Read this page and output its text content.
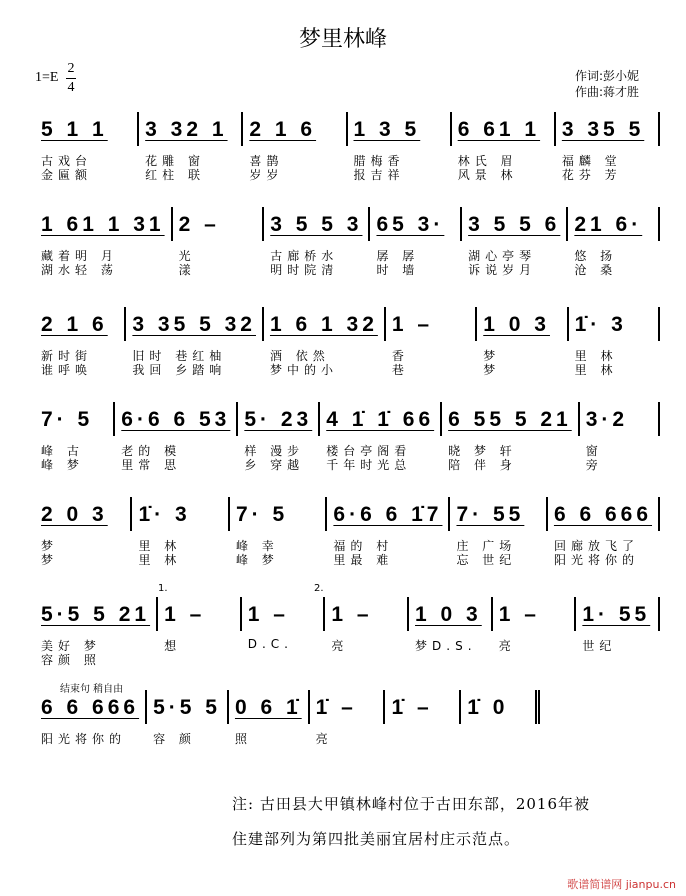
梦里林峰
1=E
2
4
作词:彭小妮
作曲:蒋才胜
5 1 1
古戏台
金匾额
3 32 1
花雕 窗
红柱 联
2 1 6
喜鹊
岁岁
1 3 5
腊梅香
报吉祥
6 61 1
林氏 眉
风景 林
3 35 5
福麟 堂
花芬 芳
1 61 1 31
藏着明 月
湖水轻 荡
2 –
光
漾
3 5 5 3
古廊桥水
明时院清
65 3·
孱 孱
时 墙
3 5 5 6
湖心亭琴
诉说岁月
21 6·
悠 扬
沧 桑
2 1 6
新时街
谁呼唤
3 35 5 32
旧时 巷红柚
我回 乡踏响
1 6 1 32
酒 依然
梦中的小
1 –
香
巷
1 0 3
梦
梦
1̇· 3
里 林
里 林
7· 5
峰 古
峰 梦
6·6 6 53
老的 模
里常 思
5· 23
样 漫步
乡 穿越
4 1̇ 1̇ 66
楼台亭阁看
千年时光总
6 55 5 21
晓 梦 轩
陪 伴 身
3·2
窗
旁
2 0 3
梦
梦
1̇· 3
里 林
里 林
7· 5
峰 幸
峰 梦
6·6 6 1̇7
福的 村
里最 难
7· 55
庄 广场
忘 世纪
6 6 666
回廊放飞了
阳光将你的
5·5 5 21
美好 梦
容颜 照
1 –
想
1 –
D.C.
1 –
亮
1 0 3
梦D.S.
1 –
亮
1· 55
世纪
6 6 666
阳光将你的
5·5 5
容 颜
0 6 1̇
照
1̇ –
亮
1̇ –	1̇ 0
1.	2.
结束句 稍自由
注: 古田县大甲镇林峰村位于古田东部，2016年被
住建部列为第四批美丽宜居村庄示范点。
歌谱简谱网 jianpu.cn
